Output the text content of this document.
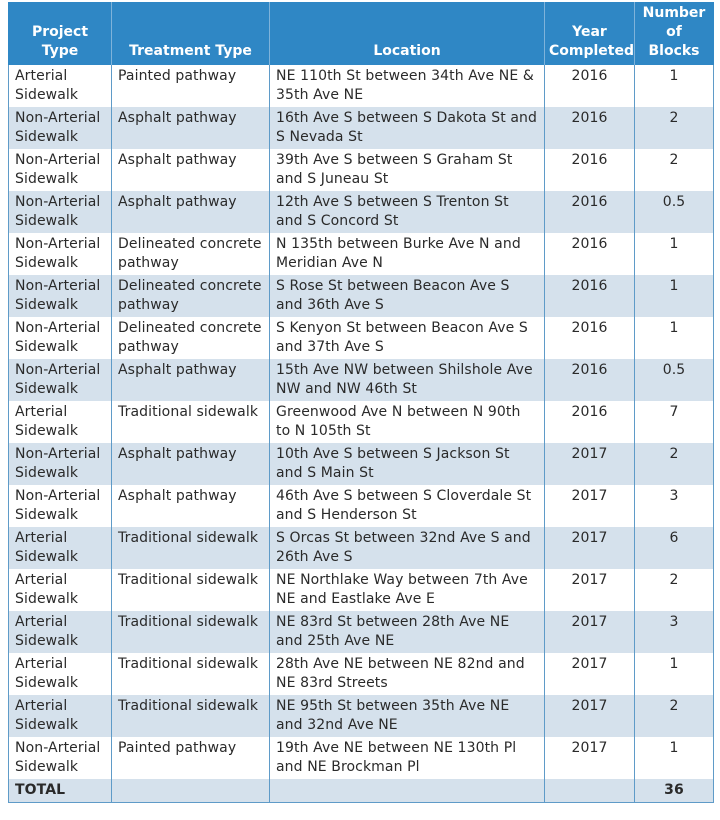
Project Type	Treatment Type	Location	Year Completed	Number of Blocks
Arterial Sidewalk	Painted pathway	NE 110th St between 34th Ave NE & 35th Ave NE	2016	1
Non-Arterial Sidewalk	Asphalt pathway	16th Ave S between S Dakota St and S Nevada St	2016	2
Non-Arterial Sidewalk	Asphalt pathway	39th Ave S between S Graham St and S Juneau St	2016	2
Non-Arterial Sidewalk	Asphalt pathway	12th Ave S between S Trenton St and S Concord St	2016	0.5
Non-Arterial Sidewalk	Delineated concrete pathway	N 135th between Burke Ave N and Meridian Ave N	2016	1
Non-Arterial Sidewalk	Delineated concrete pathway	S Rose St between Beacon Ave S and 36th Ave S	2016	1
Non-Arterial Sidewalk	Delineated concrete pathway	S Kenyon St between Beacon Ave S and 37th Ave S	2016	1
Non-Arterial Sidewalk	Asphalt pathway	15th Ave NW between Shilshole Ave NW and NW 46th St	2016	0.5
Arterial Sidewalk	Traditional sidewalk	Greenwood Ave N between N 90th to N 105th St	2016	7
Non-Arterial Sidewalk	Asphalt pathway	10th Ave S between S Jackson St and S Main St	2017	2
Non-Arterial Sidewalk	Asphalt pathway	46th Ave S between S Cloverdale St and S Henderson St	2017	3
Arterial Sidewalk	Traditional sidewalk	S Orcas St between 32nd Ave S and 26th Ave S	2017	6
Arterial Sidewalk	Traditional sidewalk	NE Northlake Way between 7th Ave NE and Eastlake Ave E	2017	2
Arterial Sidewalk	Traditional sidewalk	NE 83rd St between 28th Ave NE and 25th Ave NE	2017	3
Arterial Sidewalk	Traditional sidewalk	28th Ave NE between NE 82nd and NE 83rd Streets	2017	1
Arterial Sidewalk	Traditional sidewalk	NE 95th St between 35th Ave NE and 32nd Ave NE	2017	2
Non-Arterial Sidewalk	Painted pathway	19th Ave NE between NE 130th Pl and NE Brockman Pl	2017	1
TOTAL				36
